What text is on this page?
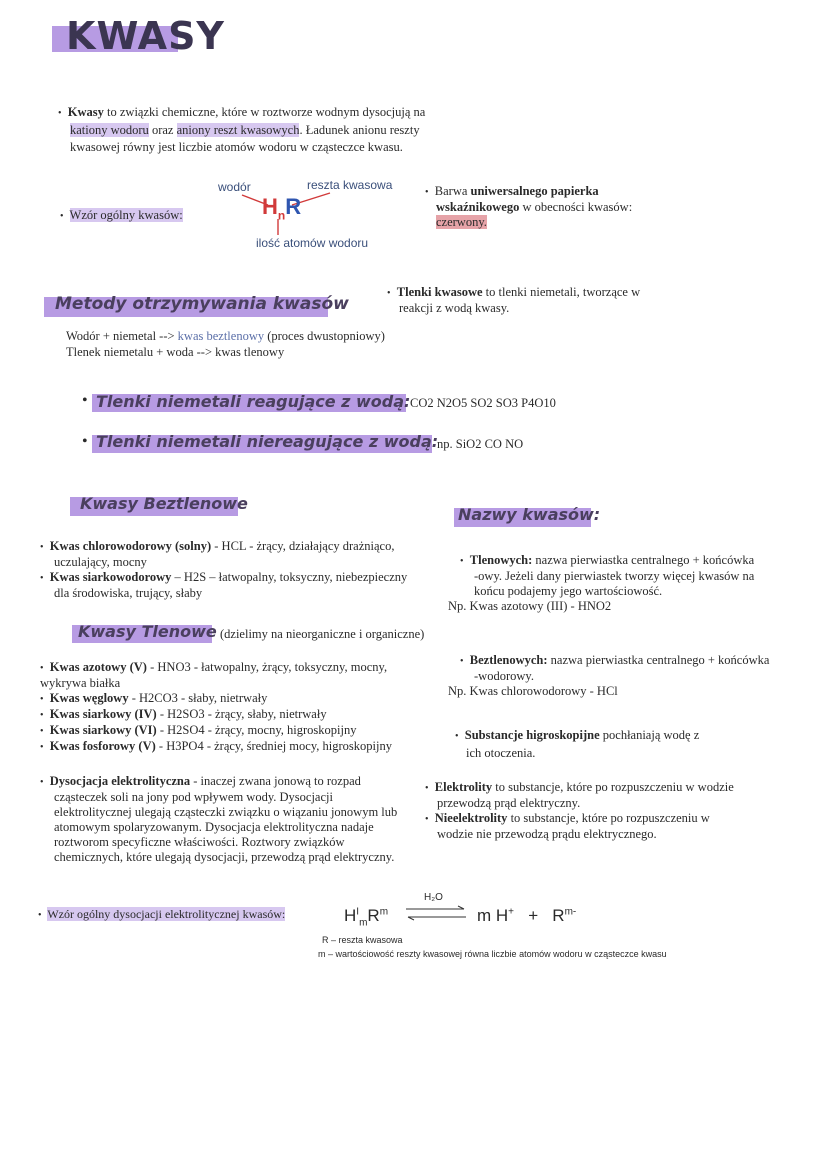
KWASY
• Kwasy to związki chemiczne, które w roztworze wodnym dysocjują na
kationy wodoru oraz aniony reszt kwasowych. Ładunek anionu reszty
kwasowej równy jest liczbie atomów wodoru w cząsteczce kwasu.
• Wzór ogólny kwasów:
wodór	reszta kwasowa
ilość atomów wodoru
$H_nR$
• Barwa uniwersalnego papierka
wskaźnikowego w obecności kwasów:
czerwony.
• Tlenki kwasowe to tlenki niemetali, tworzące w
reakcji z wodą kwasy.
Metody otrzymywania kwasów
Wodór + niemetal --> kwas beztlenowy (proces dwustopniowy)
Tlenek niemetalu + woda --> kwas tlenowy
• Tlenki niemetali reagujące z wodą: CO2 N2O5 SO2 SO3 P4O10
• Tlenki niemetali niereagujące z wodą:
np. SiO2 CO NO
Kwasy Beztlenowe
• Kwas chlorowodorowy (solny) - HCL - żrący, działający drażniąco,
uczulający, mocny
• Kwas siarkowodorowy – H2S – łatwopalny, toksyczny, niebezpieczny
dla środowiska, trujący, słaby
Nazwy kwasów:
• Tlenowych: nazwa pierwiastka centralnego + końcówka
-owy. Jeżeli dany pierwiastek tworzy więcej kwasów na
końcu podajemy jego wartościowość.
Np. Kwas azotowy (III) - HNO2
• Beztlenowych: nazwa pierwiastka centralnego + końcówka
-wodorowy.
Np. Kwas chlorowodorowy - HCl
Kwasy Tlenowe (dzielimy na nieorganiczne i organiczne)
• Kwas azotowy (V) - HNO3 - łatwopalny, żrący, toksyczny, mocny,
wykrywa białka
• Kwas węglowy - H2CO3 - słaby, nietrwały
• Kwas siarkowy (IV) - H2SO3 - żrący, słaby, nietrwały
• Kwas siarkowy (VI) - H2SO4 - żrący, mocny, higroskopijny
• Kwas fosforowy (V) - H3PO4 - żrący, średniej mocy, higroskopijny
• Substancje higroskopijne pochłaniają wodę z
ich otoczenia.
• Dysocjacja elektrolityczna - inaczej zwana jonową to rozpad
cząsteczek soli na jony pod wpływem wody. Dysocjacji
elektrolitycznej ulegają cząsteczki związku o wiązaniu jonowym lub
atomowym spolaryzowanym. Dysocjacja elektrolityczna nadaje
roztworom specyficzne właściwości. Roztwory związków
chemicznych, które ulegają dysocjacji, przewodzą prąd elektryczny.
• Elektrolity to substancje, które po rozpuszczeniu w wodzie
przewodzą prąd elektryczny.
• Nieelektrolity to substancje, które po rozpuszczeniu w
wodzie nie przewodzą prądu elektrycznego.
• Wzór ogólny dysocjacji elektrolitycznej kwasów:	$H^I_mR^m$
H₂O
m $H^+ + R^{m-}$
R – reszta kwasowa
m – wartościowość reszty kwasowej równa liczbie atomów wodoru w cząsteczce kwasu
